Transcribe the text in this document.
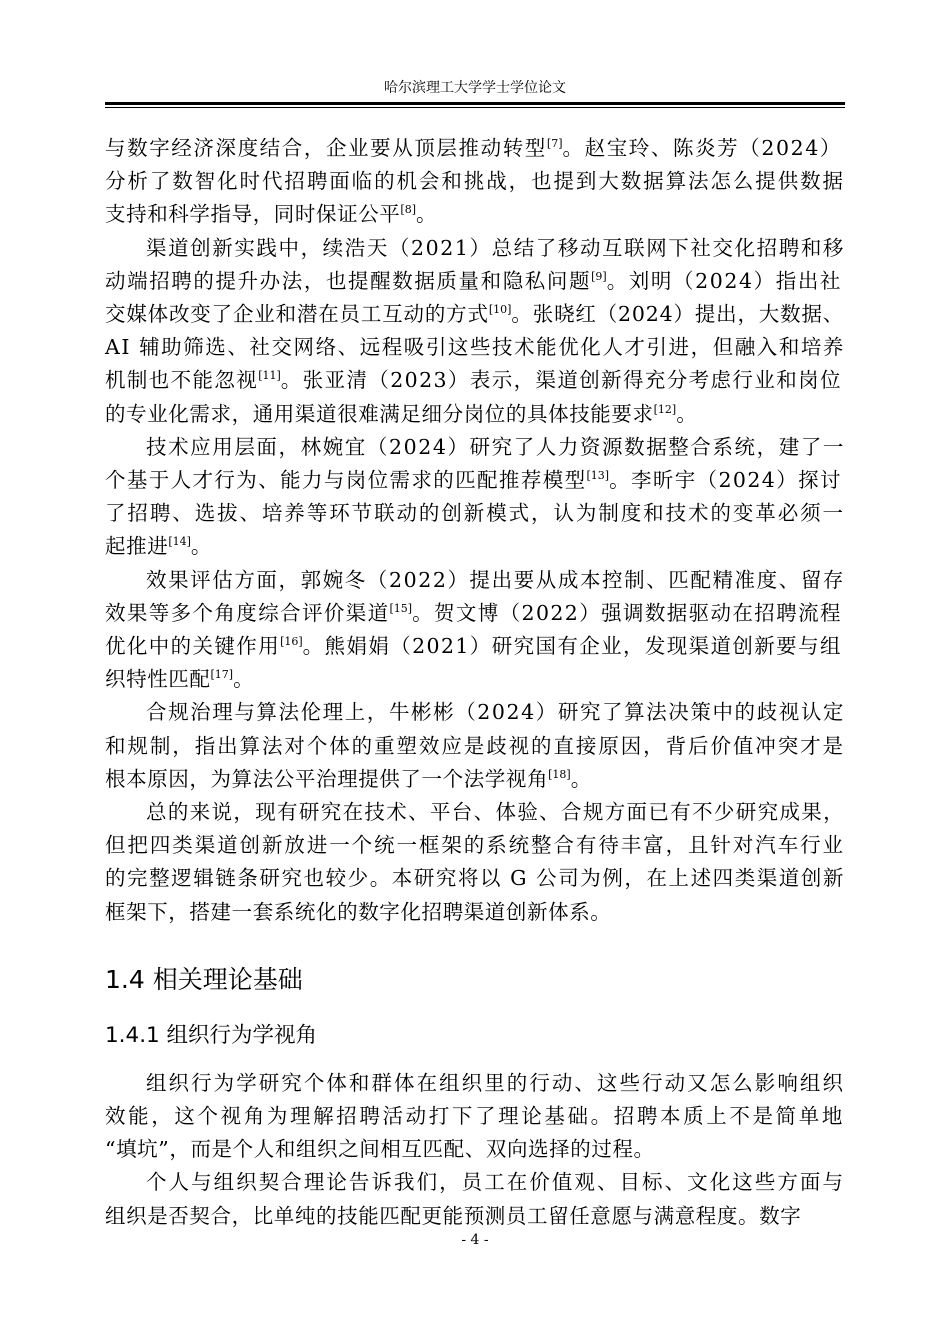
哈尔滨理工大学学士学位论文

与数字经济深度结合，企业要从顶层推动转型[7]。赵宝玲、陈炎芳（2024）
分析了数智化时代招聘面临的机会和挑战，也提到大数据算法怎么提供数据
支持和科学指导，同时保证公平[8]。

渠道创新实践中，续浩天（2021）总结了移动互联网下社交化招聘和移
动端招聘的提升办法，也提醒数据质量和隐私问题[9]。刘明（2024）指出社
交媒体改变了企业和潜在员工互动的方式[10]。张晓红（2024）提出，大数据、
AI 辅助筛选、社交网络、远程吸引这些技术能优化人才引进，但融入和培养
机制也不能忽视[11]。张亚清（2023）表示，渠道创新得充分考虑行业和岗位
的专业化需求，通用渠道很难满足细分岗位的具体技能要求[12]。

技术应用层面，林婉宜（2024）研究了人力资源数据整合系统，建了一
个基于人才行为、能力与岗位需求的匹配推荐模型[13]。李昕宇（2024）探讨
了招聘、选拔、培养等环节联动的创新模式，认为制度和技术的变革必须一
起推进[14]。

效果评估方面，郭婉冬（2022）提出要从成本控制、匹配精准度、留存
效果等多个角度综合评价渠道[15]。贺文博（2022）强调数据驱动在招聘流程
优化中的关键作用[16]。熊娟娟（2021）研究国有企业，发现渠道创新要与组
织特性匹配[17]。

合规治理与算法伦理上，牛彬彬（2024）研究了算法决策中的歧视认定
和规制，指出算法对个体的重塑效应是歧视的直接原因，背后价值冲突才是
根本原因，为算法公平治理提供了一个法学视角[18]。

总的来说，现有研究在技术、平台、体验、合规方面已有不少研究成果，
但把四类渠道创新放进一个统一框架的系统整合有待丰富，且针对汽车行业
的完整逻辑链条研究也较少。本研究将以 G 公司为例，在上述四类渠道创新
框架下，搭建一套系统化的数字化招聘渠道创新体系。

1.4 相关理论基础
1.4.1 组织行为学视角

组织行为学研究个体和群体在组织里的行动、这些行动又怎么影响组织
效能，这个视角为理解招聘活动打下了理论基础。招聘本质上不是简单地
“填坑”，而是个人和组织之间相互匹配、双向选择的过程。

个人与组织契合理论告诉我们，员工在价值观、目标、文化这些方面与
组织是否契合，比单纯的技能匹配更能预测员工留任意愿与满意程度。数字

- 4 -
